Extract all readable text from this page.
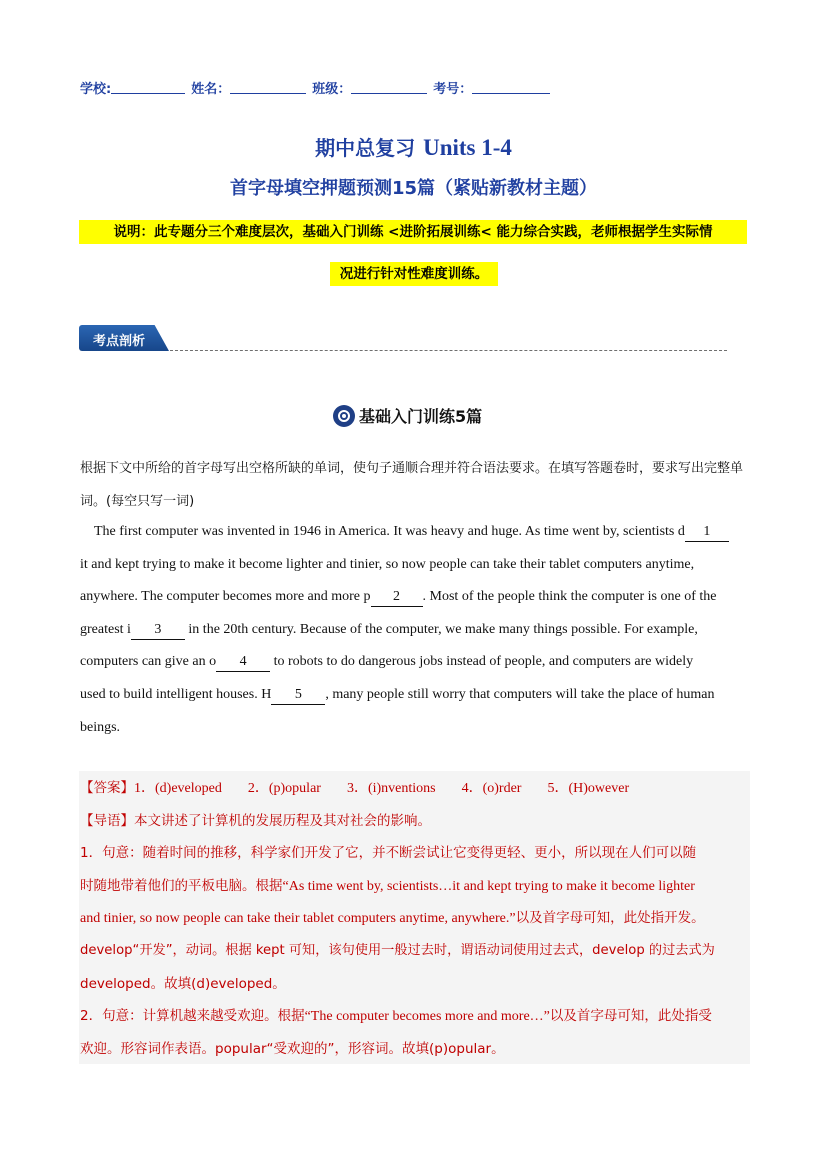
学校:	姓名：	班级：	考号：
期中总复习 Units 1-4
首字母填空押题预测15篇（紧贴新教材主题）
说明：此专题分三个难度层次，基础入门训练 <进阶拓展训练< 能力综合实践，老师根据学生实际情
况进行针对性难度训练。
考点剖析
基础入门训练5篇
根据下文中所给的首字母写出空格所缺的单词，使句子通顺合理并符合语法要求。在填写答题卷时，要求写出完整单词。(每空只写一词)
The first computer was invented in 1946 in America. It was heavy and huge. As time went by, scientists d 1
it and kept trying to make it become lighter and tinier, so now people can take their tablet computers anytime,
anywhere. The computer becomes more and more p 2 . Most of the people think the computer is one of the
greatest i 3 in the 20th century. Because of the computer, we make many things possible. For example,
computers can give an o 4 to robots to do dangerous jobs instead of people, and computers are widely
used to build intelligent houses. H 5 , many people still worry that computers will take the place of human
beings.
【答案】1．(d)eveloped 2．(p)opular 3．(i)nventions 4．(o)rder 5．(H)owever
【导语】本文讲述了计算机的发展历程及其对社会的影响。
1．句意：随着时间的推移，科学家们开发了它，并不断尝试让它变得更轻、更小，所以现在人们可以随
时随地带着他们的平板电脑。根据“As time went by, scientists…it and kept trying to make it become lighter
and tinier, so now people can take their tablet computers anytime, anywhere.”以及首字母可知，此处指开发。
develop“开发”，动词。根据 kept 可知，该句使用一般过去时，谓语动词使用过去式，develop 的过去式为
developed。故填(d)eveloped。
2．句意：计算机越来越受欢迎。根据“The computer becomes more and more…”以及首字母可知，此处指受
欢迎。形容词作表语。popular“受欢迎的”，形容词。故填(p)opular。
